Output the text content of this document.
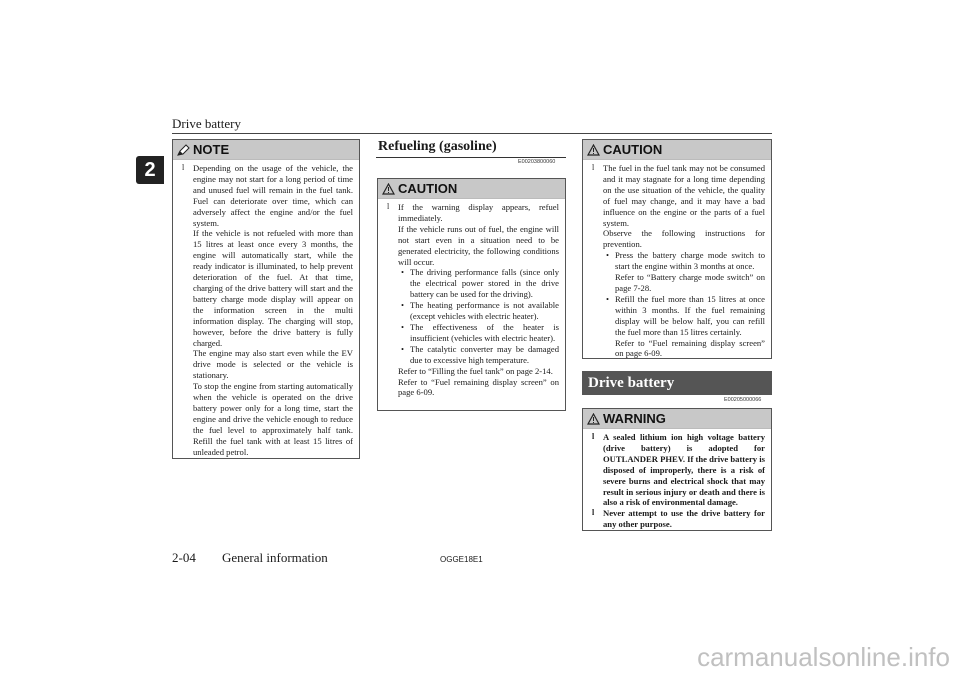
Drive battery
2
NOTE
l Depending on the usage of the vehicle, the engine may not start for a long period of time and unused fuel will remain in the fuel tank. Fuel can deteriorate over time, which can adversely affect the engine and/or the fuel system.
If the vehicle is not refueled with more than 15 litres at least once every 3 months, the engine will automatically start, while the ready indicator is illuminated, to help prevent deterioration of the fuel. At that time, charging of the drive battery will start and the battery charge mode display will appear on the information screen in the multi information display. The charging will stop, however, before the drive battery is fully charged.
The engine may also start even while the EV drive mode is selected or the vehicle is stationary.
To stop the engine from starting automatically when the vehicle is operated on the drive battery power only for a long time, start the engine and drive the vehicle enough to reduce the fuel level to approximately half tank. Refill the fuel tank with at least 15 litres of unleaded petrol.
Refueling (gasoline)
E00203800060
CAUTION
l If the warning display appears, refuel immediately.
If the vehicle runs out of fuel, the engine will not start even in a situation need to be generated electricity, the following conditions will occur.
• The driving performance falls (since only the electrical power stored in the drive battery can be used for the driving).
• The heating performance is not available (except vehicles with electric heater).
• The effectiveness of the heater is insufficient (vehicles with electric heater).
• The catalytic converter may be damaged due to excessive high temperature.
Refer to “Filling the fuel tank” on page 2-14.
Refer to “Fuel remaining display screen” on page 6-09.
CAUTION
l The fuel in the fuel tank may not be consumed and it may stagnate for a long time depending on the use situation of the vehicle, the quality of fuel may change, and it may have a bad influence on the engine or the parts of a fuel system.
Observe the following instructions for prevention.
• Press the battery charge mode switch to start the engine within 3 months at once.
Refer to “Battery charge mode switch” on page 7-28.
• Refill the fuel more than 15 litres at once within 3 months. If the fuel remaining display will be below half, you can refill the fuel more than 15 litres certainly.
Refer to “Fuel remaining display screen” on page 6-09.
Drive battery
E00205000066
WARNING
l A sealed lithium ion high voltage battery (drive battery) is adopted for OUTLANDER PHEV. If the drive battery is disposed of improperly, there is a risk of severe burns and electrical shock that may result in serious injury or death and there is also a risk of environmental damage.
l Never attempt to use the drive battery for any other purpose.
2-04 General information	OGGE18E1
carmanualsonline.info
